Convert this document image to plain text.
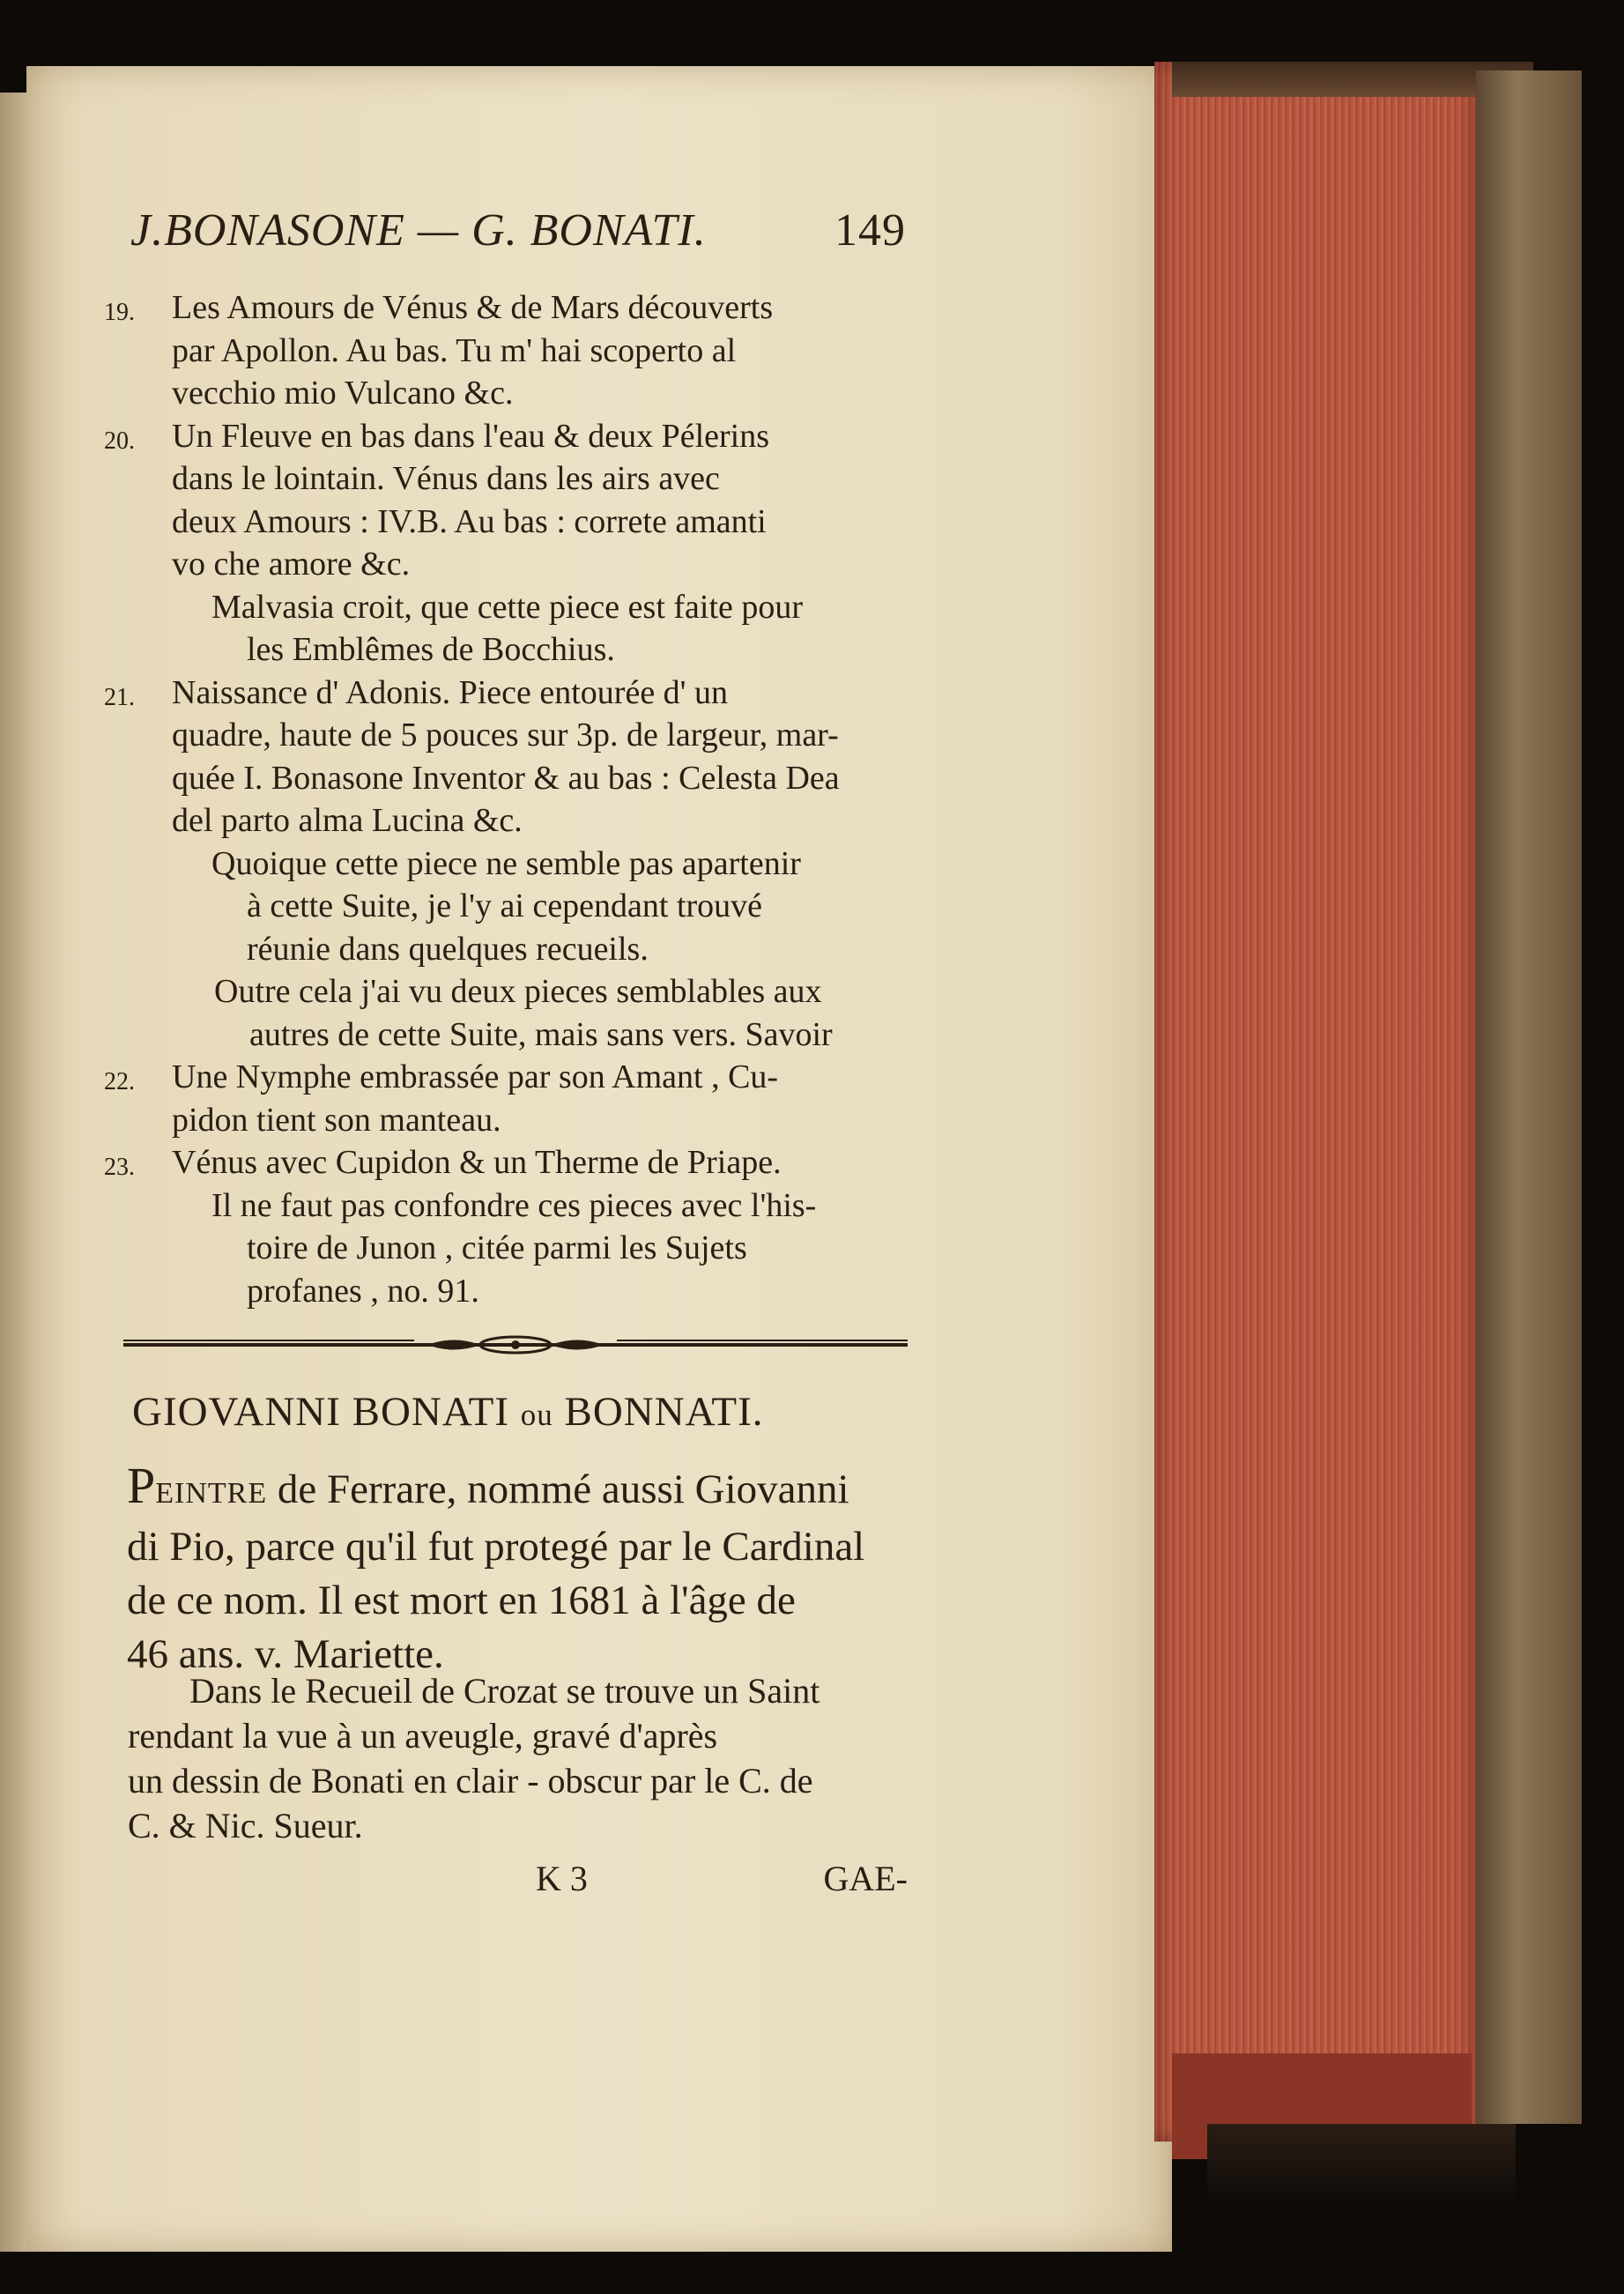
J.BONASONE — G. BONATI.	149
19. Les Amours de Vénus & de Mars découverts
par Apollon. Au bas. Tu m' hai scoperto al
vecchio mio Vulcano &c.
20. Un Fleuve en bas dans l'eau & deux Pélerins
dans le lointain. Vénus dans les airs avec
deux Amours : IV.B. Au bas : correte amanti
vo che amore &c.
Malvasia croit, que cette piece est faite pour
les Emblêmes de Bocchius.
21. Naissance d' Adonis. Piece entourée d' un
quadre, haute de 5 pouces sur 3p. de largeur, mar-
quée I. Bonasone Inventor & au bas : Celesta Dea
del parto alma Lucina &c.
Quoique cette piece ne semble pas apartenir
à cette Suite, je l'y ai cependant trouvé
réunie dans quelques recueils.
Outre cela j'ai vu deux pieces semblables aux
autres de cette Suite, mais sans vers. Savoir
22. Une Nymphe embrassée par son Amant , Cu-
pidon tient son manteau.
23. Vénus avec Cupidon & un Therme de Priape.
Il ne faut pas confondre ces pieces avec l'his-
toire de Junon , citée parmi les Sujets
profanes , no. 91.
GIOVANNI BONATI ou BONNATI.
PEINTRE de Ferrare, nommé aussi Giovanni
di Pio, parce qu'il fut protegé par le Cardinal
de ce nom. Il est mort en 1681 à l'âge de
46 ans. v. Mariette.
Dans le Recueil de Crozat se trouve un Saint
rendant la vue à un aveugle, gravé d'après
un dessin de Bonati en clair - obscur par le C. de
C. & Nic. Sueur.
K 3	GAE-
